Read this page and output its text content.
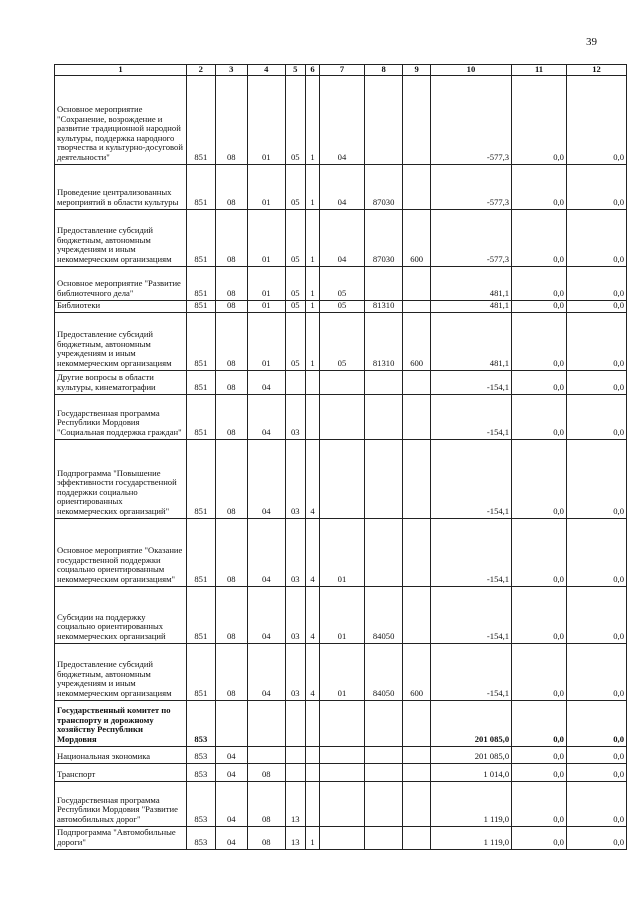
39
1	2	3	4	5	6	7	8	9	10	11	12
Основное мероприятие "Сохранение, возрождение и развитие традиционной народной культуры, поддержка народного творчества и культурно-досуговой деятельности"	851	08	01	05	1	04			-577,3	0,0	0,0
Проведение централизованных мероприятий в области культуры	851	08	01	05	1	04	87030		-577,3	0,0	0,0
Предоставление субсидий бюджетным, автономным учреждениям и иным некоммерческим организациям	851	08	01	05	1	04	87030	600	-577,3	0,0	0,0
Основное мероприятие "Развитие библиотечного дела"	851	08	01	05	1	05			481,1	0,0	0,0
Библиотеки	851	08	01	05	1	05	81310		481,1	0,0	0,0
Предоставление субсидий бюджетным, автономным учреждениям и иным некоммерческим организациям	851	08	01	05	1	05	81310	600	481,1	0,0	0,0
Другие вопросы в области культуры, кинематографии	851	08	04						-154,1	0,0	0,0
Государственная программа Республики Мордовия "Социальная поддержка граждан"	851	08	04	03					-154,1	0,0	0,0
Подпрограмма "Повышение эффективности государственной поддержки социально ориентированных некоммерческих организаций"	851	08	04	03	4				-154,1	0,0	0,0
Основное мероприятие "Оказание государственной поддержки социально ориентированным некоммерческим организациям"	851	08	04	03	4	01			-154,1	0,0	0,0
Субсидии на поддержку социально ориентированных некоммерческих организаций	851	08	04	03	4	01	84050		-154,1	0,0	0,0
Предоставление субсидий бюджетным, автономным учреждениям и иным некоммерческим организациям	851	08	04	03	4	01	84050	600	-154,1	0,0	0,0
Государственный комитет по транспорту и дорожному хозяйству Республики Мордовия	853								201 085,0	0,0	0,0
Национальная экономика	853	04							201 085,0	0,0	0,0
Транспорт	853	04	08						1 014,0	0,0	0,0
Государственная программа Республики Мордовия "Развитие автомобильных дорог"	853	04	08	13					1 119,0	0,0	0,0
Подпрограмма "Автомобильные дороги"	853	04	08	13	1				1 119,0	0,0	0,0
